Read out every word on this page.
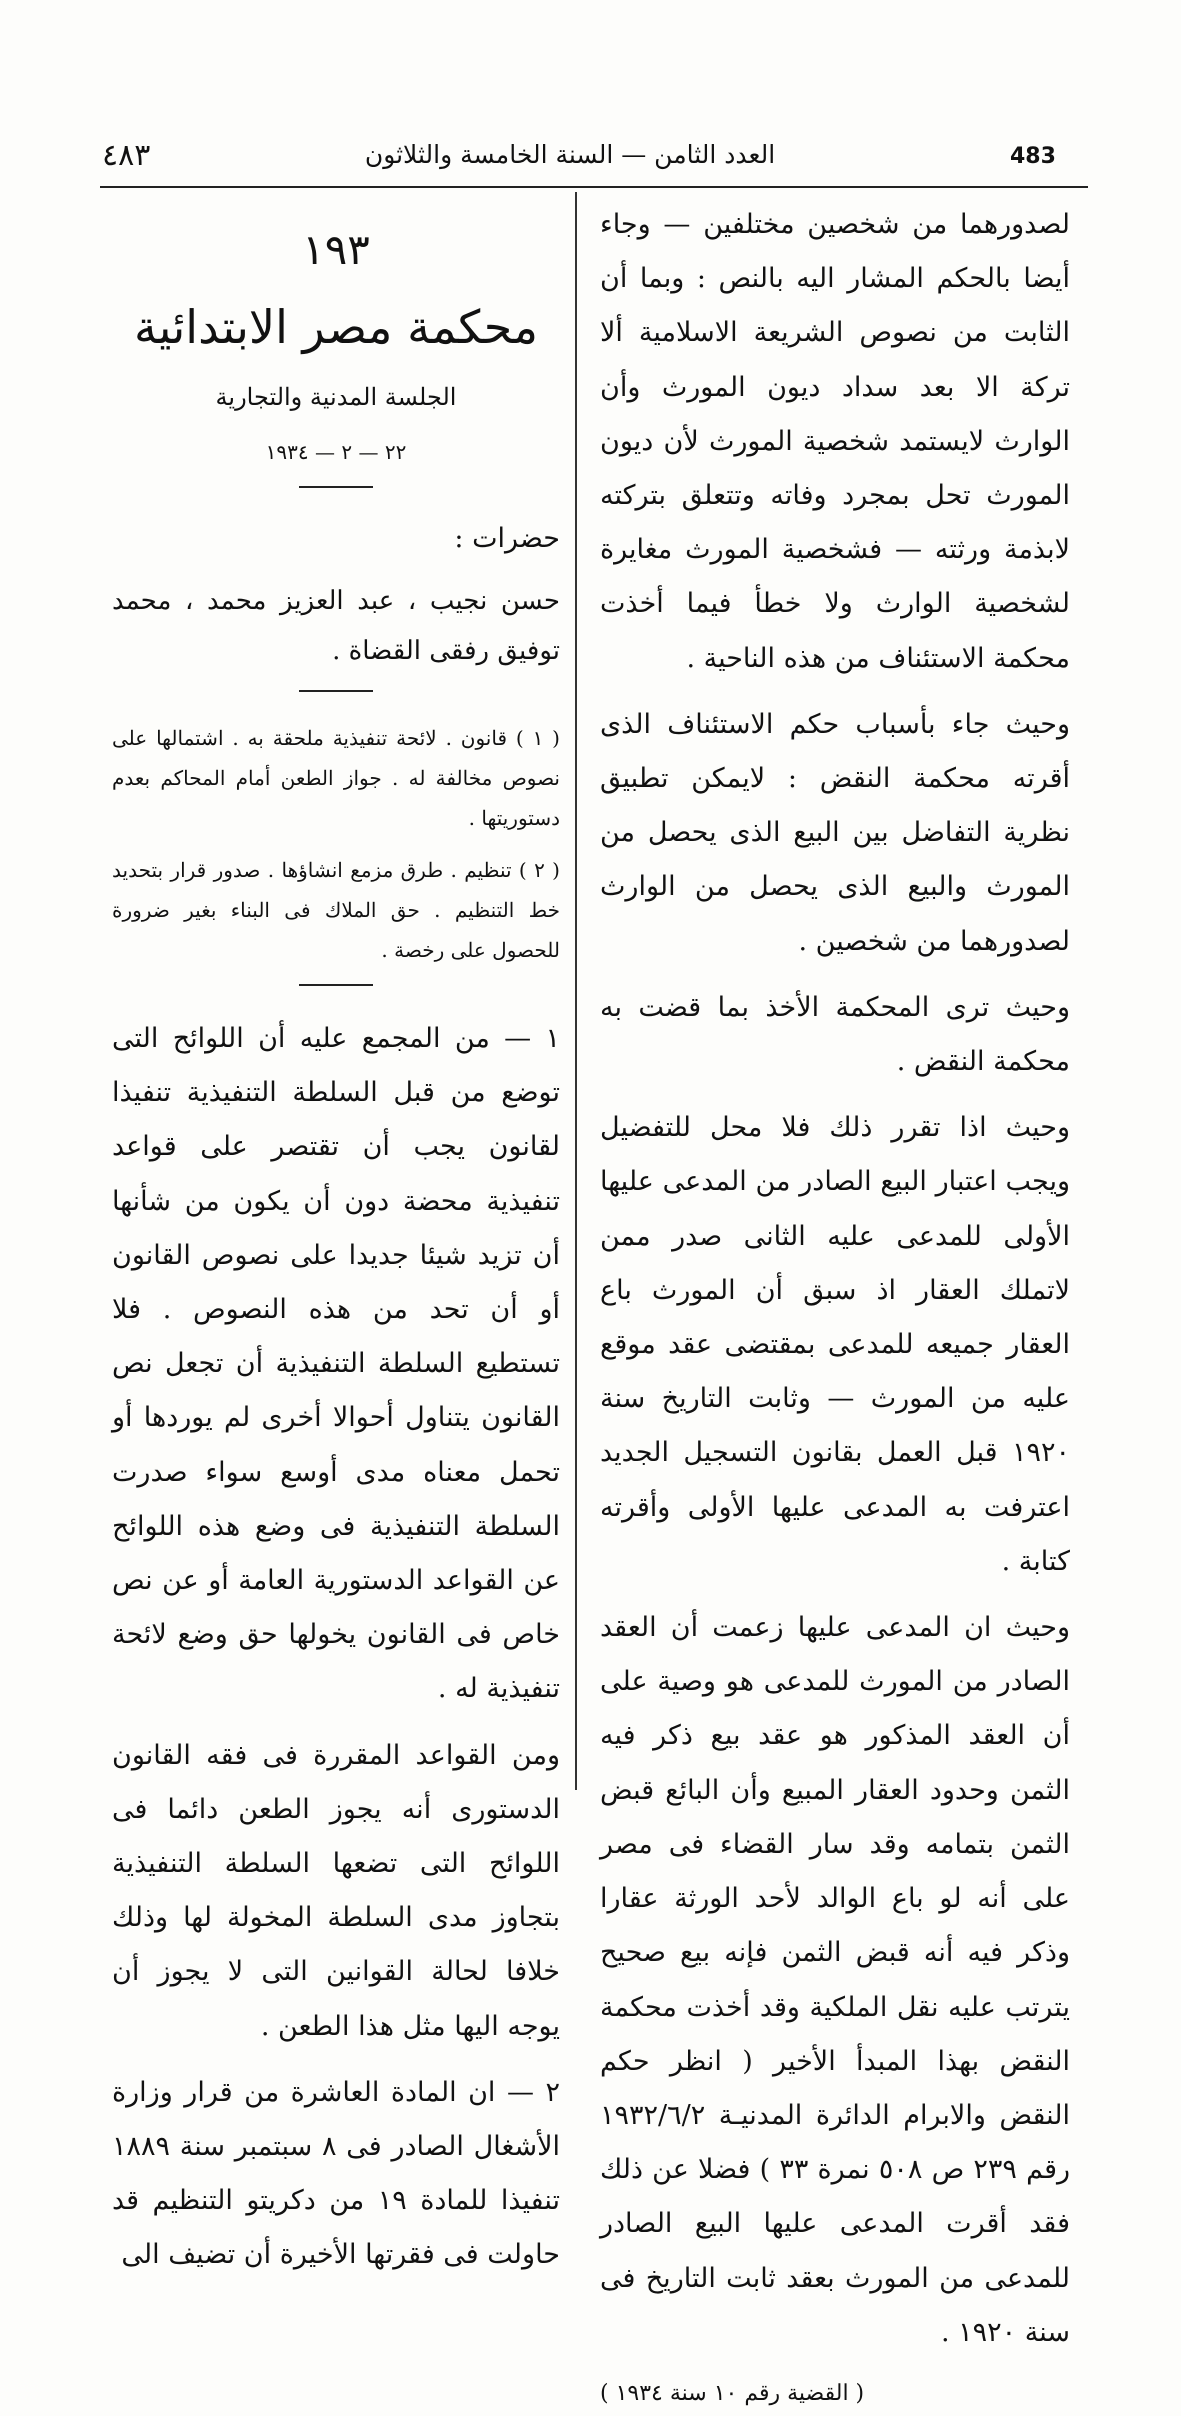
٤٨٣	العدد الثامن — السنة الخامسة والثلاثون	483

لصدورهما من شخصين مختلفين — وجاء أيضا بالحكم المشار اليه بالنص : وبما أن الثابت من نصوص الشريعة الاسلامية ألا تركة الا بعد سداد ديون المورث وأن الوارث لايستمد شخصية المورث لأن ديون المورث تحل بمجرد وفاته وتتعلق بتركته لابذمة ورثته — فشخصية المورث مغايرة لشخصية الوارث ولا خطأ فيما أخذت محكمة الاستئناف من هذه الناحية .

وحيث جاء بأسباب حكم الاستئناف الذى أقرته محكمة النقض : لايمكن تطبيق نظرية التفاضل بين البيع الذى يحصل من المورث والبيع الذى يحصل من الوارث لصدورهما من شخصين .

وحيث ترى المحكمة الأخذ بما قضت به محكمة النقض .

وحيث اذا تقرر ذلك فلا محل للتفضيل ويجب اعتبار البيع الصادر من المدعى عليها الأولى للمدعى عليه الثانى صدر ممن لاتملك العقار اذ سبق أن المورث باع العقار جميعه للمدعى بمقتضى عقد موقع عليه من المورث — وثابت التاريخ سنة ١٩٢٠ قبل العمل بقانون التسجيل الجديد اعترفت به المدعى عليها الأولى وأقرته كتابة .

وحيث ان المدعى عليها زعمت أن العقد الصادر من المورث للمدعى هو وصية على أن العقد المذكور هو عقد بيع ذكر فيه الثمن وحدود العقار المبيع وأن البائع قبض الثمن بتمامه وقد سار القضاء فى مصر على أنه لو باع الوالد لأحد الورثة عقارا وذكر فيه أنه قبض الثمن فإنه بيع صحيح يترتب عليه نقل الملكية وقد أخذت محكمة النقض بهذا المبدأ الأخير ( انظر حكم النقض والابرام الدائرة المدنيـة ١٩٣٢/٦/٢ رقم ٢٣٩ ص ٥٠٨ نمرة ٣٣ ) فضلا عن ذلك فقد أقرت المدعى عليها البيع الصادر للمدعى من المورث بعقد ثابت التاريخ فى سنة ١٩٢٠ .

( القضية رقم ١٠ سنة ١٩٣٤ )

١٩٣

محكمة مصر الابتدائية

الجلسة المدنية والتجارية

٢٢ — ٢ — ١٩٣٤

حضرات :

حسن نجيب ، عبد العزيز محمد ، محمد توفيق رفقى القضاة .

( ١ ) قانون . لائحة تنفيذية ملحقة به . اشتمالها على نصوص مخالفة له . جواز الطعن أمام المحاكم بعدم دستوريتها .

( ٢ ) تنظيم . طرق مزمع انشاؤها . صدور قرار بتحديد خط التنظيم . حق الملاك فى البناء بغير ضرورة للحصول على رخصة .

١ — من المجمع عليه أن اللوائح التى توضع من قبل السلطة التنفيذية تنفيذا لقانون يجب أن تقتصر على قواعد تنفيذية محضة دون أن يكون من شأنها أن تزيد شيئا جديدا على نصوص القانون أو أن تحد من هذه النصوص . فلا تستطيع السلطة التنفيذية أن تجعل نص القانون يتناول أحوالا أخرى لم يوردها أو تحمل معناه مدى أوسع سواء صدرت السلطة التنفيذية فى وضع هذه اللوائح عن القواعد الدستورية العامة أو عن نص خاص فى القانون يخولها حق وضع لائحة تنفيذية له .

ومن القواعد المقررة فى فقه القانون الدستورى أنه يجوز الطعن دائما فى اللوائح التى تضعها السلطة التنفيذية بتجاوز مدى السلطة المخولة لها وذلك خلافا لحالة القوانين التى لا يجوز أن يوجه اليها مثل هذا الطعن .

٢ — ان المادة العاشرة من قرار وزارة الأشغال الصادر فى ٨ سبتمبر سنة ١٨٨٩ تنفيذا للمادة ١٩ من دكريتو التنظيم قد حاولت فى فقرتها الأخيرة أن تضيف الى
